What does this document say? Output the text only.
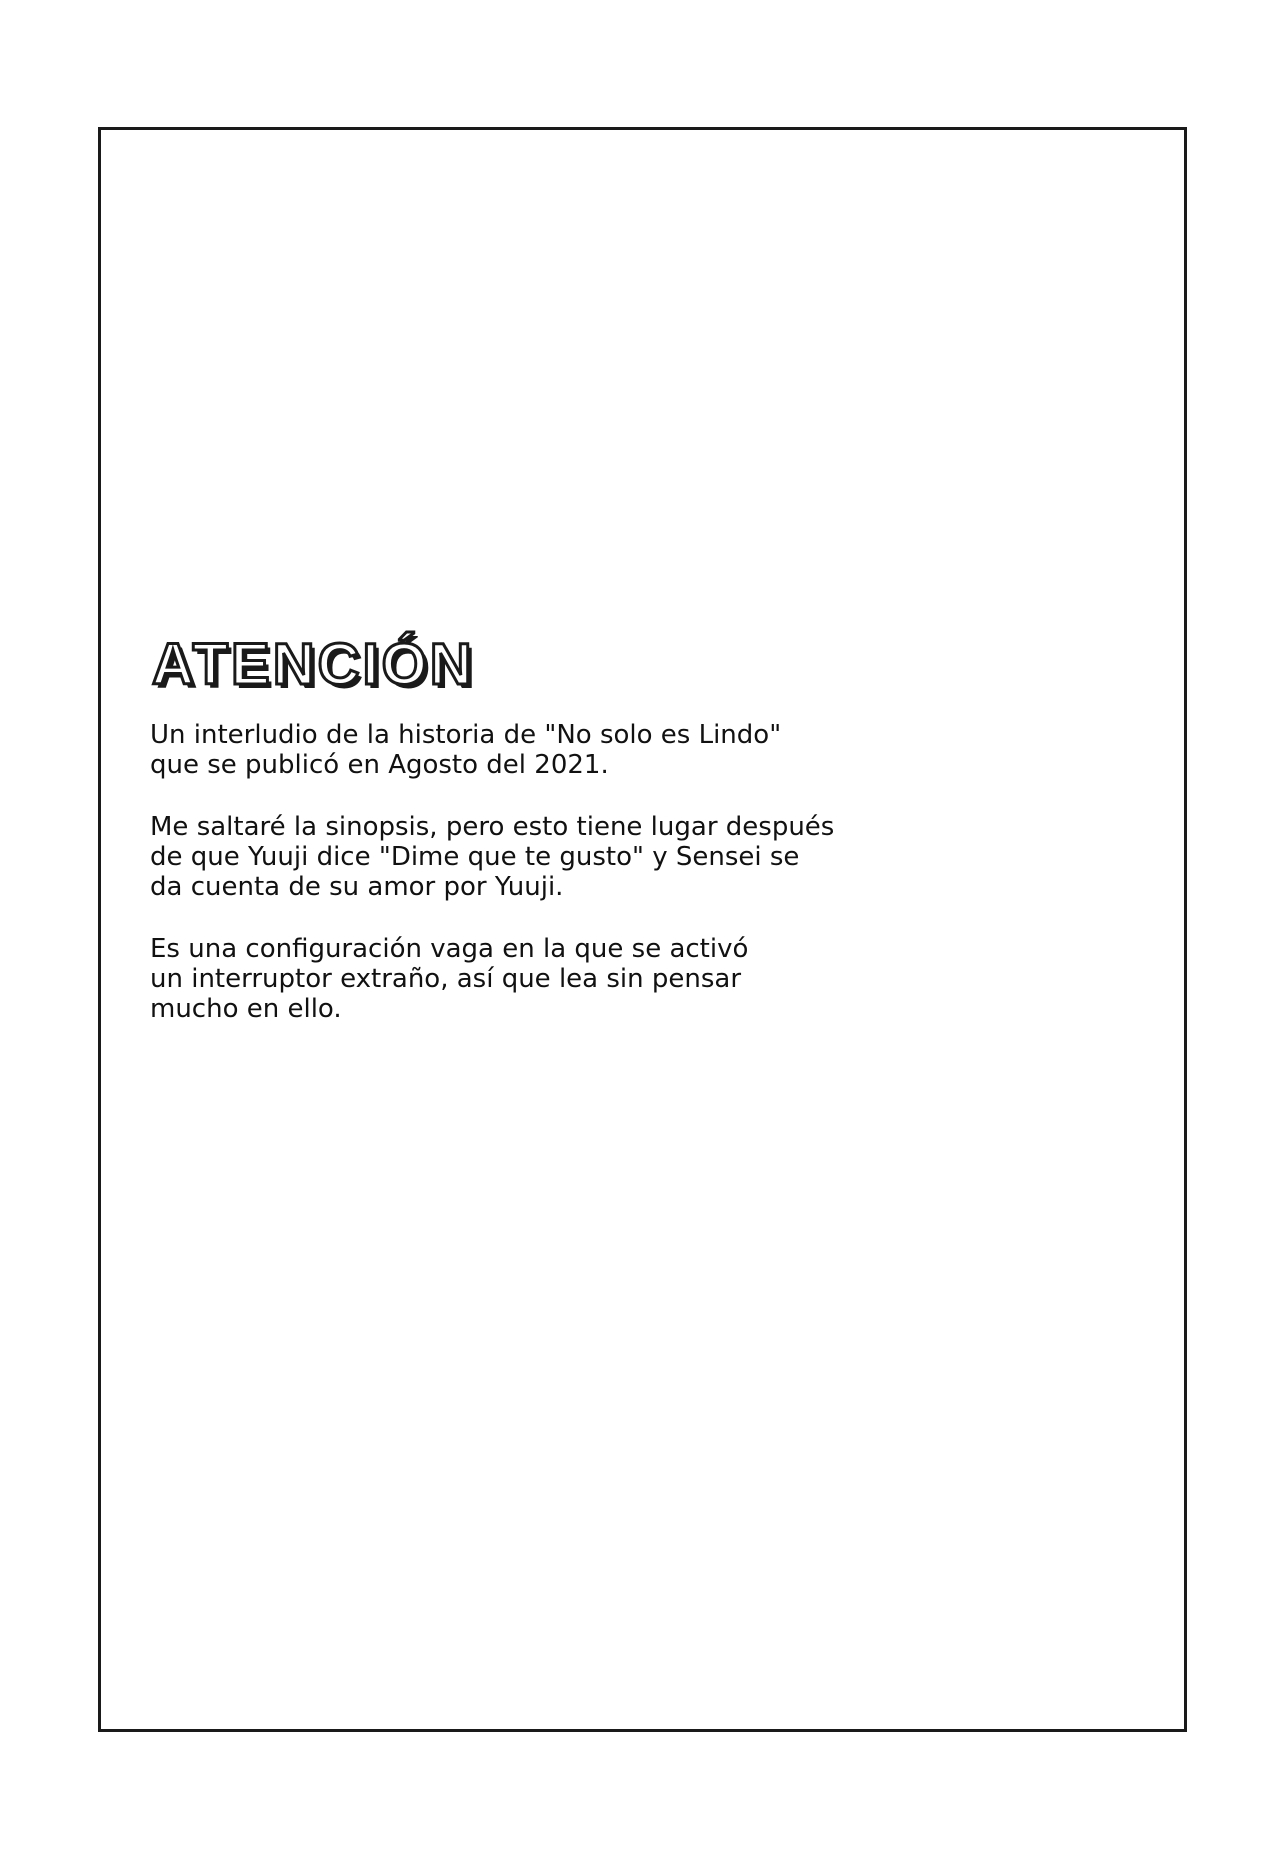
ATENCIÓN

Un interludio de la historia de "No solo es Lindo"
que se publicó en Agosto del 2021.

Me saltaré la sinopsis, pero esto tiene lugar después
de que Yuuji dice "Dime que te gusto" y Sensei se
da cuenta de su amor por Yuuji.

Es una configuración vaga en la que se activó
un interruptor extraño, así que lea sin pensar
mucho en ello.
